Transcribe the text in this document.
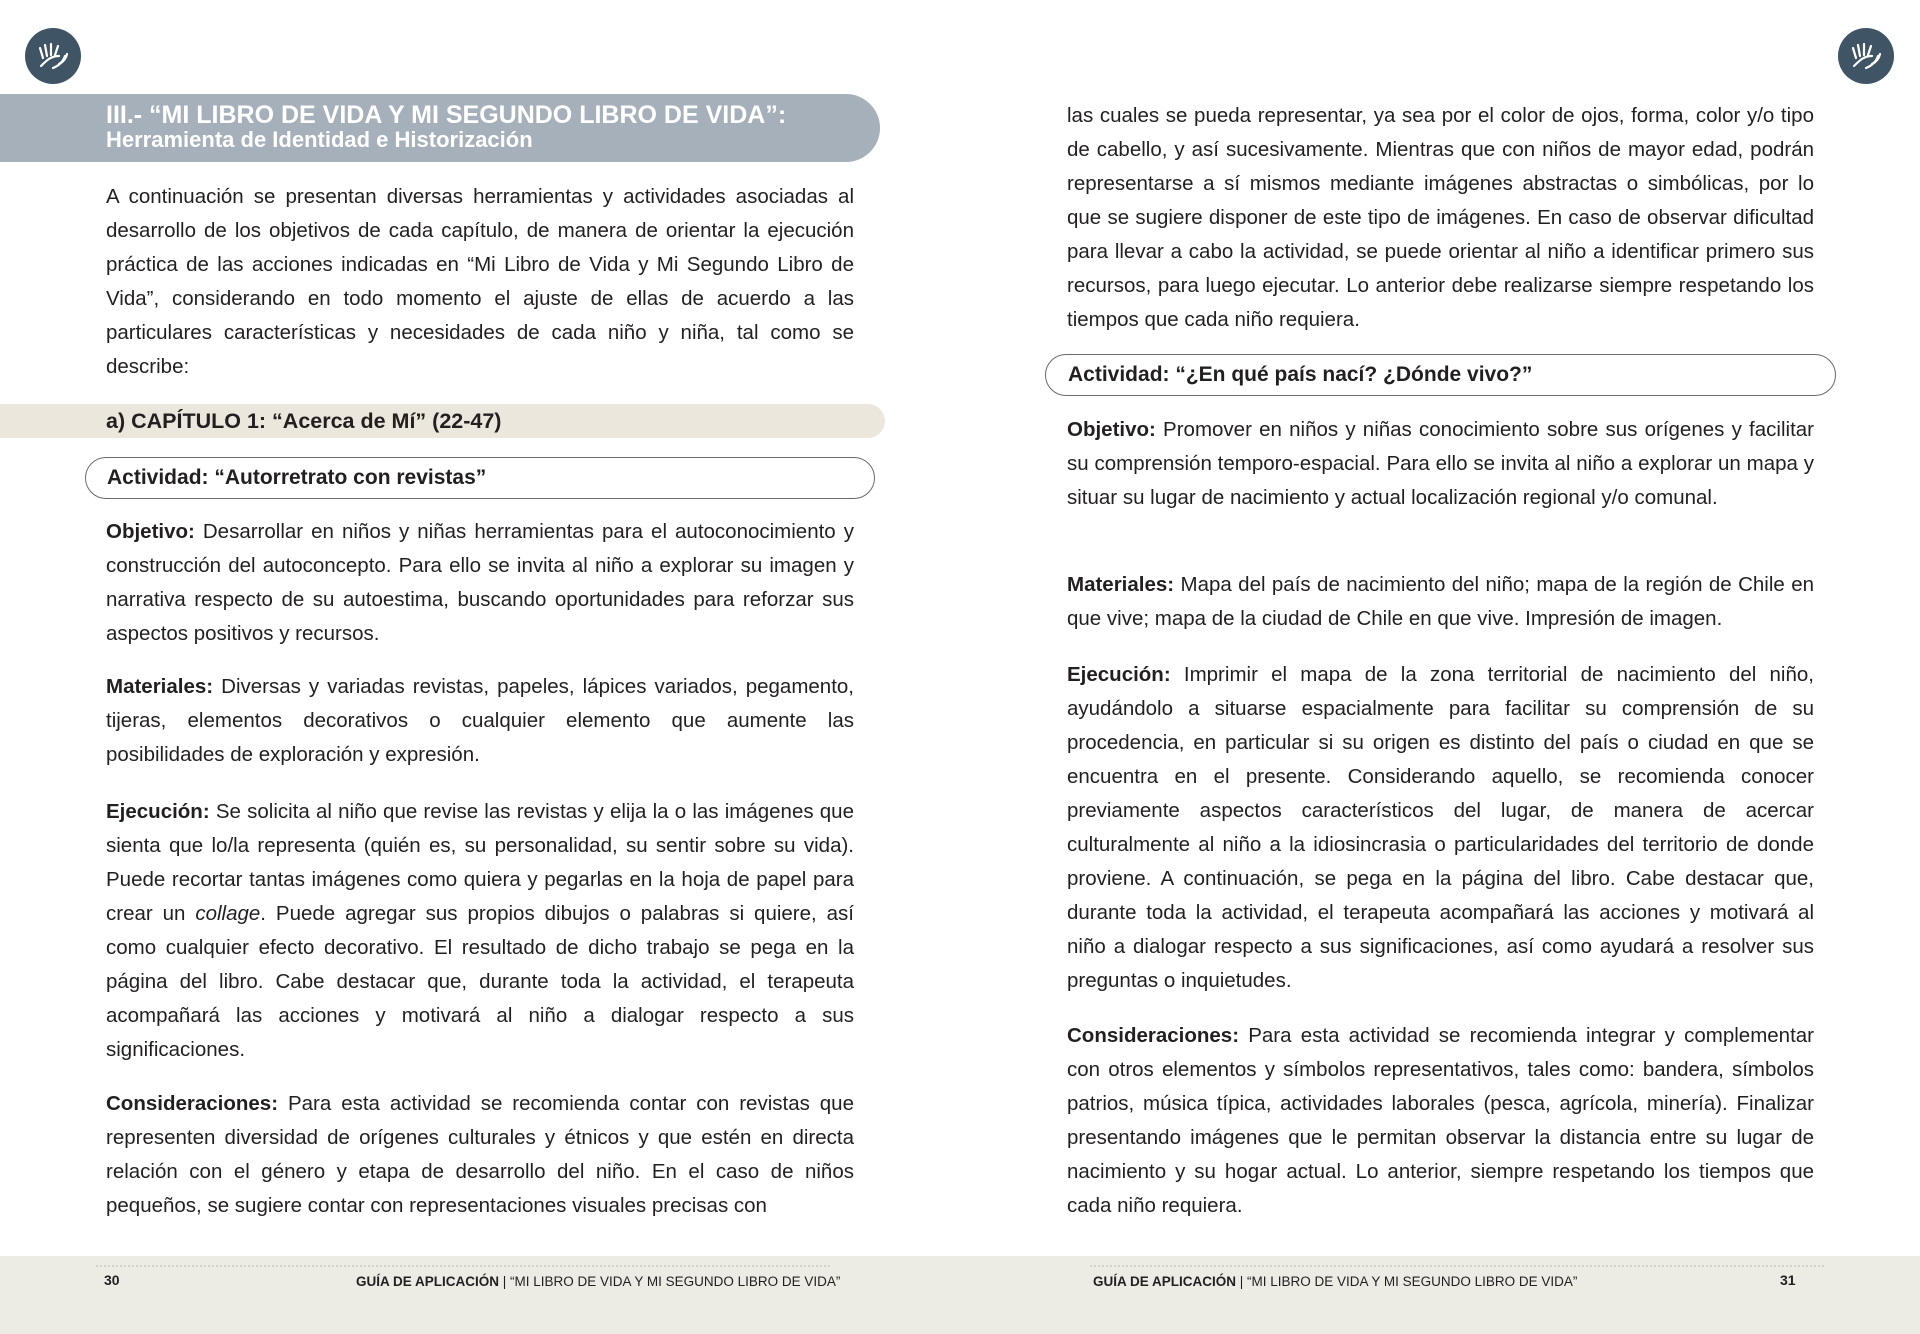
III.- “MI LIBRO DE VIDA Y MI SEGUNDO LIBRO DE VIDA”:
Herramienta de Identidad e Historización

A continuación se presentan diversas herramientas y actividades asociadas al desarrollo de los objetivos de cada capítulo, de manera de orientar la ejecución práctica de las acciones indicadas en “Mi Libro de Vida y Mi Segundo Libro de Vida”, considerando en todo momento el ajuste de ellas de acuerdo a las particulares características y necesidades de cada niño y niña, tal como se describe:

a) CAPÍTULO 1: “Acerca de Mí” (22-47)
Actividad: “Autorretrato con revistas”

Objetivo: Desarrollar en niños y niñas herramientas para el autoconocimiento y construcción del autoconcepto. Para ello se invita al niño a explorar su imagen y narrativa respecto de su autoestima, buscando oportunidades para reforzar sus aspectos positivos y recursos.

Materiales: Diversas y variadas revistas, papeles, lápices variados, pegamento, tijeras, elementos decorativos o cualquier elemento que aumente las posibilidades de exploración y expresión.

Ejecución: Se solicita al niño que revise las revistas y elija la o las imágenes que sienta que lo/la representa (quién es, su personalidad, su sentir sobre su vida). Puede recortar tantas imágenes como quiera y pegarlas en la hoja de papel para crear un collage. Puede agregar sus propios dibujos o palabras si quiere, así como cualquier efecto decorativo. El resultado de dicho trabajo se pega en la página del libro. Cabe destacar que, durante toda la actividad, el terapeuta acompañará las acciones y motivará al niño a dialogar respecto a sus significaciones.

Consideraciones: Para esta actividad se recomienda contar con revistas que representen diversidad de orígenes culturales y étnicos y que estén en directa relación con el género y etapa de desarrollo del niño. En el caso de niños pequeños, se sugiere contar con representaciones visuales precisas con

30	GUÍA DE APLICACIÓN | “MI LIBRO DE VIDA Y MI SEGUNDO LIBRO DE VIDA”

las cuales se pueda representar, ya sea por el color de ojos, forma, color y/o tipo de cabello, y así sucesivamente. Mientras que con niños de mayor edad, podrán representarse a sí mismos mediante imágenes abstractas o simbólicas, por lo que se sugiere disponer de este tipo de imágenes. En caso de observar dificultad para llevar a cabo la actividad, se puede orientar al niño a identificar primero sus recursos, para luego ejecutar. Lo anterior debe realizarse siempre respetando los tiempos que cada niño requiera.

Actividad: “¿En qué país nací? ¿Dónde vivo?”

Objetivo: Promover en niños y niñas conocimiento sobre sus orígenes y facilitar su comprensión temporo-espacial. Para ello se invita al niño a explorar un mapa y situar su lugar de nacimiento y actual localización regional y/o comunal.

Materiales: Mapa del país de nacimiento del niño; mapa de la región de Chile en que vive; mapa de la ciudad de Chile en que vive. Impresión de imagen.

Ejecución: Imprimir el mapa de la zona territorial de nacimiento del niño, ayudándolo a situarse espacialmente para facilitar su comprensión de su procedencia, en particular si su origen es distinto del país o ciudad en que se encuentra en el presente. Considerando aquello, se recomienda conocer previamente aspectos característicos del lugar, de manera de acercar culturalmente al niño a la idiosincrasia o particularidades del territorio de donde proviene. A continuación, se pega en la página del libro. Cabe destacar que, durante toda la actividad, el terapeuta acompañará las acciones y motivará al niño a dialogar respecto a sus significaciones, así como ayudará a resolver sus preguntas o inquietudes.

Consideraciones: Para esta actividad se recomienda integrar y complementar con otros elementos y símbolos representativos, tales como: bandera, símbolos patrios, música típica, actividades laborales (pesca, agrícola, minería). Finalizar presentando imágenes que le permitan observar la distancia entre su lugar de nacimiento y su hogar actual. Lo anterior, siempre respetando los tiempos que cada niño requiera.

GUÍA DE APLICACIÓN | “MI LIBRO DE VIDA Y MI SEGUNDO LIBRO DE VIDA”	31
